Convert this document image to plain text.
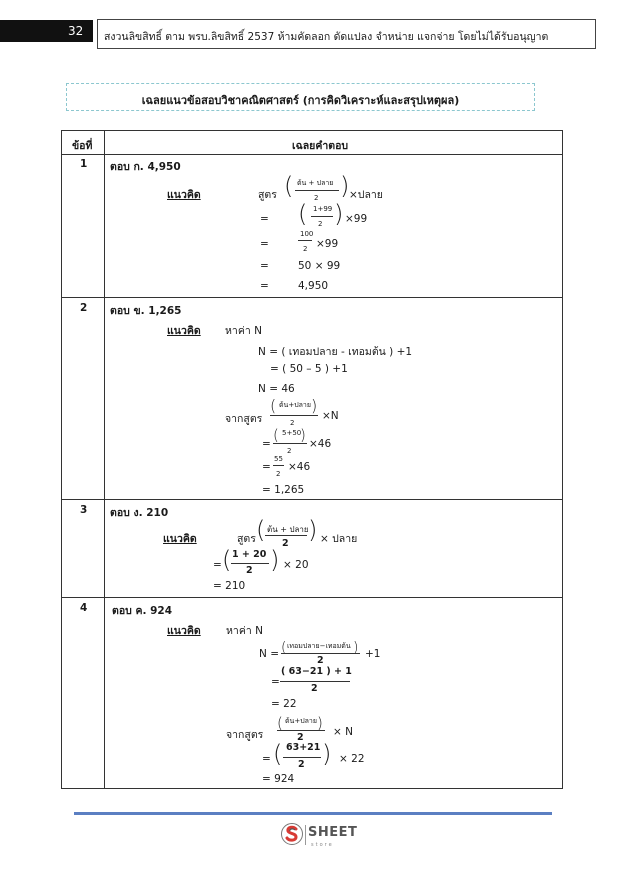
32 สงวนลิขสิทธิ์ ตาม พรบ.ลิขสิทธิ์ 2537 ห้ามคัดลอก ดัดแปลง จำหน่าย แจกจ่าย โดยไม่ได้รับอนุญาต
เฉลยแนวข้อสอบวิชาคณิตศาสตร์ (การคิดวิเคราะห์และสรุปเหตุผล)
ข้อที่	เฉลยคำตอบ
1 ตอบ ก. 4,950
แนวคิด	สูตร ( ต้น + ปลาย
2 ) ×ปลาย
= ( 1+99
2 ) ×99
=
100
2 ×99
=	50 × 99
=	4,950
2 ตอบ ข. 1,265
แนวคิด หาค่า N
N = ( เทอมปลาย - เทอมต้น ) +1
= ( 50 – 5 ) +1
N = 46
จากสูตร
( ต้น+ปลาย )
2
×N
= ( 5+50
)
2
×46
=
55
2
×46
= 1,265
3 ตอบ ง. 210
แนวคิด	สูตร ( ต้น + ปลาย
2 ) × ปลาย
= ( 1 + 20
2 ) × 20
= 210
4 ตอบ ค. 924
แนวคิด หาค่า N
N = ( เทอมปลาย−เทอมต้น )
2
+1
=
( 63−21 ) + 1
2
= 22
จากสูตร
( ต้น+ปลาย )
2	× N
= ( 63+21
2 ) × 22
= 924
SHEET
store
